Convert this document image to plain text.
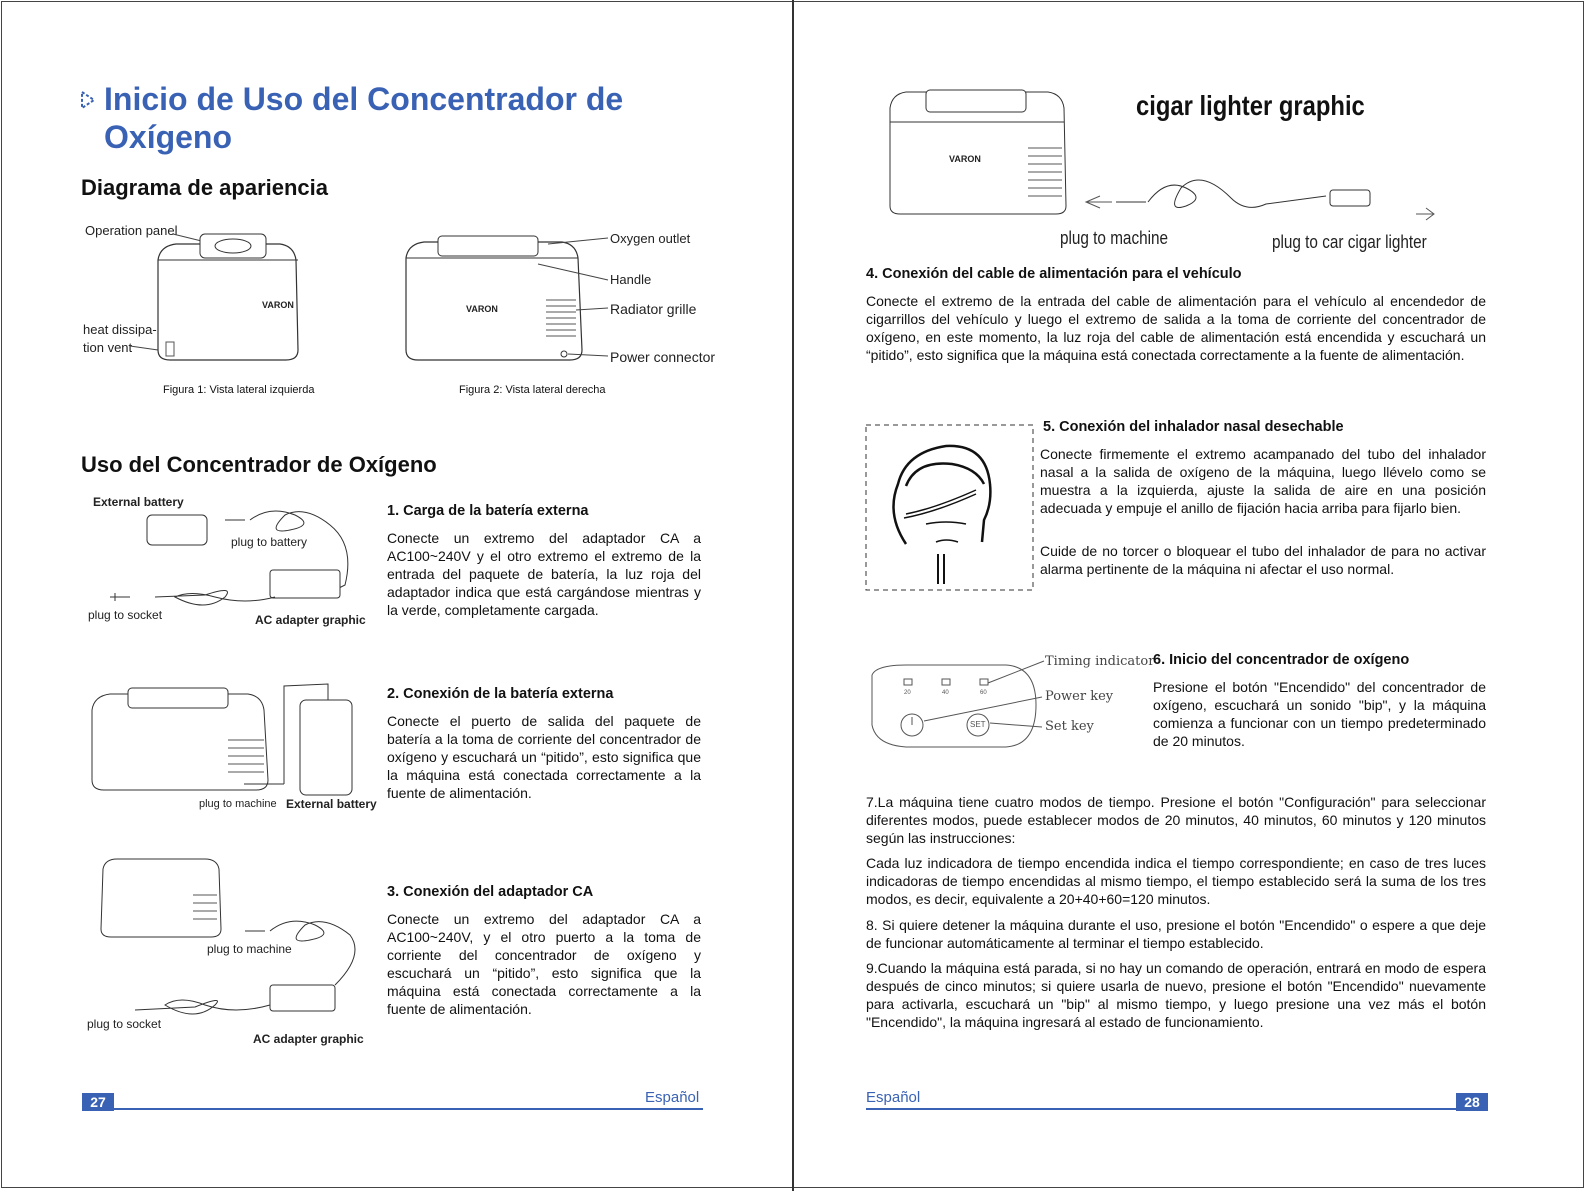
Inicio de Uso del Concentrador de
Oxígeno
Diagrama de apariencia
Operation panel
heat dissipa-
tion vent
VARON
Figura 1: Vista lateral izquierda
VARON
Oxygen outlet
Handle
Radiator grille
Power connector
Figura 2: Vista lateral derecha
Uso del Concentrador de Oxígeno
External battery
plug to battery
plug to socket	AC adapter graphic
1. Carga de la batería externa
Conecte un extremo del adaptador CA a AC100~240V y el otro extremo el extremo de la entrada del paquete de batería, la luz roja del adaptador indica que está cargándose mientras y la verde, completamente cargada.
plug to machine External battery
2. Conexión de la batería externa
Conecte el puerto de salida del paquete de batería a la toma de corriente del concentrador de oxígeno y escuchará un “pitido”, esto significa que la máquina está conectada correctamente a la fuente de alimentación.
plug to machine
plug to socket
AC adapter graphic
3. Conexión del adaptador CA
Conecte un extremo del adaptador CA a AC100~240V, y el otro puerto a la toma de corriente del concentrador de oxígeno y escuchará un “pitido”, esto significa que la máquina está conectada correctamente a la fuente de alimentación.
27	Español
VARON
cigar lighter graphic
plug to machine	plug to car cigar lighter
4. Conexión del cable de alimentación para el vehículo
Conecte el extremo de la entrada del cable de alimentación para el vehículo al encendedor de cigarrillos del vehículo y luego el extremo de salida a la toma de corriente del concentrador de oxígeno, en este momento, la luz roja del cable de alimentación está encendida y escuchará un “pitido”, esto significa que la máquina está conectada correctamente a la fuente de alimentación.
5. Conexión del inhalador nasal desechable
Conecte firmemente el extremo acampanado del tubo del inhalador nasal a la salida de oxígeno de la máquina, luego llévelo como se muestra a la izquierda, ajuste la salida de aire en una posición adecuada y empuje el anillo de fijación hacia arriba para fijarlo bien.
Cuide de no torcer o bloquear el tubo del inhalador de para no activar alarma pertinente de la máquina ni afectar el uso normal.
20	40	60
SET
Timing indicator
Power key
Set key
6. Inicio del concentrador de oxígeno
Presione el botón "Encendido" del concentrador de oxígeno, escuchará un sonido "bip", y la máquina comienza a funcionar con un tiempo predeterminado de 20 minutos.
7.La máquina tiene cuatro modos de tiempo. Presione el botón "Configuración" para seleccionar diferentes modos, puede establecer modos de 20 minutos, 40 minutos, 60 minutos y 120 minutos según las instrucciones:
Cada luz indicadora de tiempo encendida indica el tiempo correspondiente; en caso de tres luces indicadoras de tiempo encendidas al mismo tiempo, el tiempo establecido será la suma de los tres modos, es decir, equivalente a 20+40+60=120 minutos.
8. Si quiere detener la máquina durante el uso, presione el botón "Encendido" o espere a que deje de funcionar automáticamente al terminar el tiempo establecido.
9.Cuando la máquina está parada, si no hay un comando de operación, entrará en modo de espera después de cinco minutos; si quiere usarla de nuevo, presione el botón "Encendido" nuevamente para activarla, escuchará un "bip" al mismo tiempo, y luego presione una vez más el botón "Encendido", la máquina ingresará al estado de funcionamiento.
Español	28
